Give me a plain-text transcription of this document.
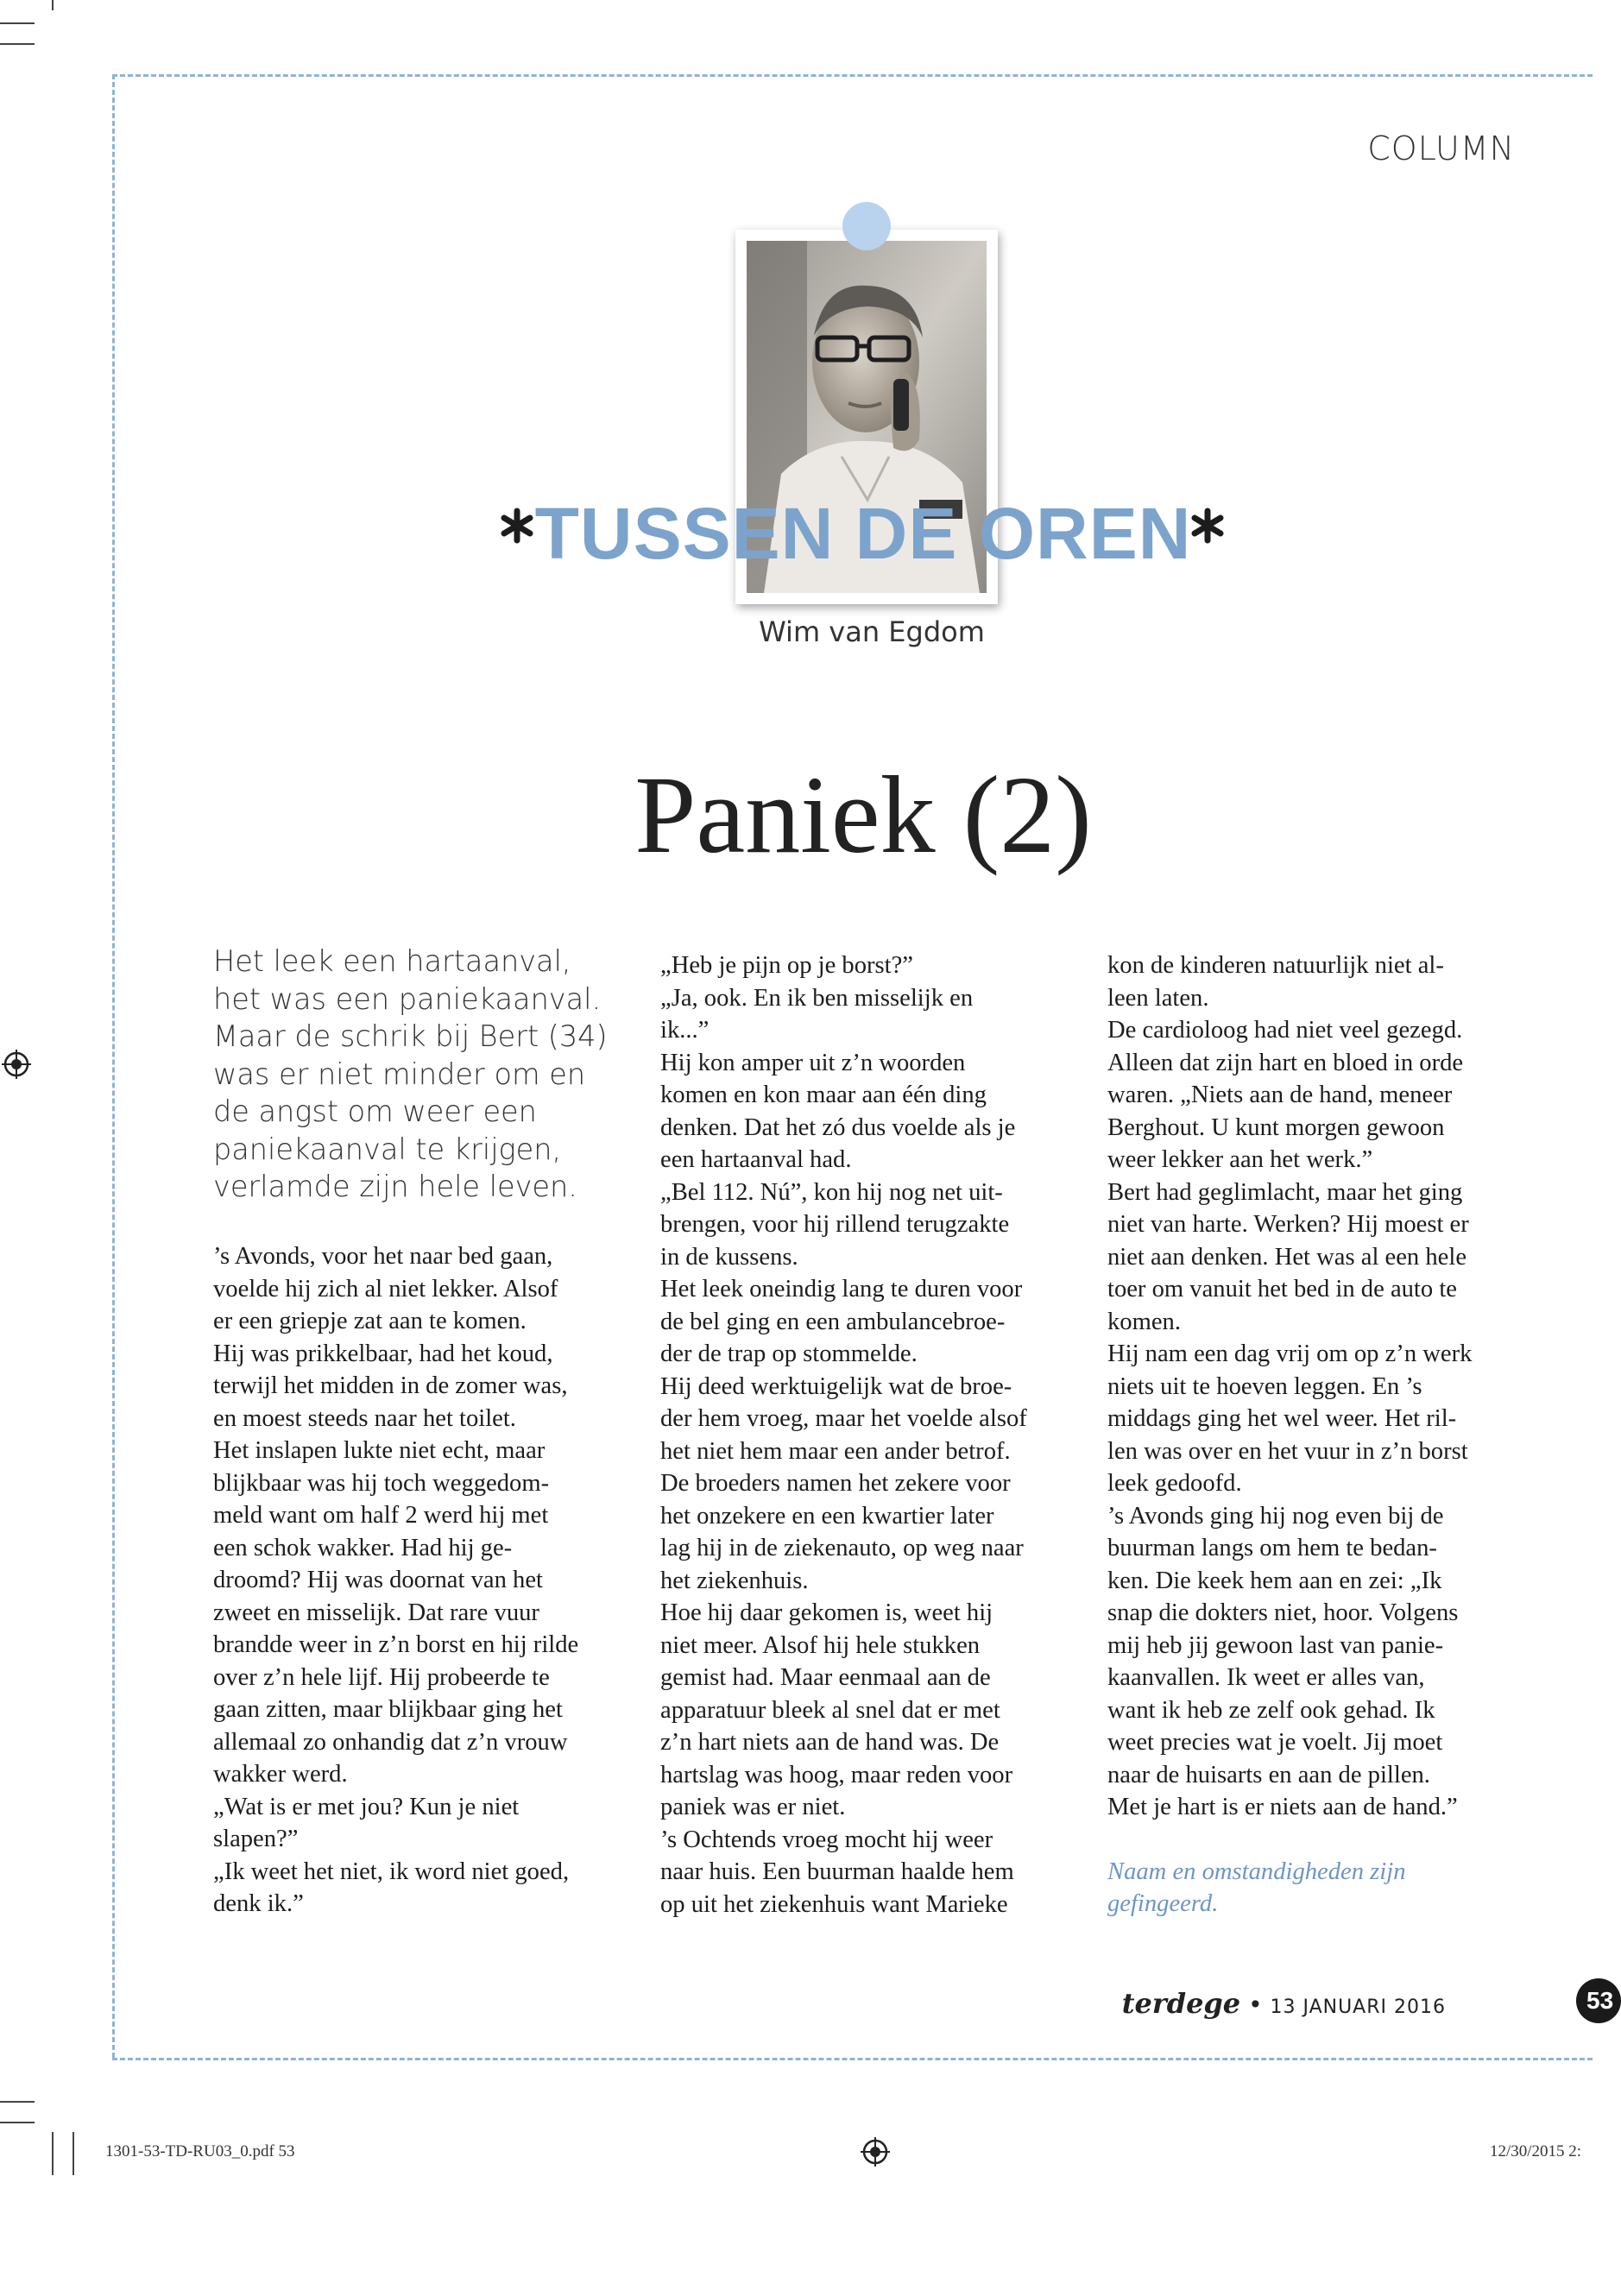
COLUMN
TUSSEN DE OREN
Wim van Egdom
Paniek (2)
Het leek een hartaanval,
het was een paniekaanval.
Maar de schrik bij Bert (34)
was er niet minder om en
de angst om weer een
paniekaanval te krijgen,
verlamde zijn hele leven.
’s Avonds, voor het naar bed gaan,
voelde hij zich al niet lekker. Alsof
er een griepje zat aan te komen.
Hij was prikkelbaar, had het koud,
terwijl het midden in de zomer was,
en moest steeds naar het toilet.
Het inslapen lukte niet echt, maar
blijkbaar was hij toch weggedom-
meld want om half 2 werd hij met
een schok wakker. Had hij ge-
droomd? Hij was doornat van het
zweet en misselijk. Dat rare vuur
brandde weer in z’n borst en hij rilde
over z’n hele lijf. Hij probeerde te
gaan zitten, maar blijkbaar ging het
allemaal zo onhandig dat z’n vrouw
wakker werd.
„Wat is er met jou? Kun je niet
slapen?”
„Ik weet het niet, ik word niet goed,
denk ik.”
„Heb je pijn op je borst?”
„Ja, ook. En ik ben misselijk en
ik...”
Hij kon amper uit z’n woorden
komen en kon maar aan één ding
denken. Dat het zó dus voelde als je
een hartaanval had.
„Bel 112. Nú”, kon hij nog net uit-
brengen, voor hij rillend terugzakte
in de kussens.
Het leek oneindig lang te duren voor
de bel ging en een ambulancebroe-
der de trap op stommelde.
Hij deed werktuigelijk wat de broe-
der hem vroeg, maar het voelde alsof
het niet hem maar een ander betrof.
De broeders namen het zekere voor
het onzekere en een kwartier later
lag hij in de ziekenauto, op weg naar
het ziekenhuis.
Hoe hij daar gekomen is, weet hij
niet meer. Alsof hij hele stukken
gemist had. Maar eenmaal aan de
apparatuur bleek al snel dat er met
z’n hart niets aan de hand was. De
hartslag was hoog, maar reden voor
paniek was er niet.
’s Ochtends vroeg mocht hij weer
naar huis. Een buurman haalde hem
op uit het ziekenhuis want Marieke
kon de kinderen natuurlijk niet al-
leen laten.
De cardioloog had niet veel gezegd.
Alleen dat zijn hart en bloed in orde
waren. „Niets aan de hand, meneer
Berghout. U kunt morgen gewoon
weer lekker aan het werk.”
Bert had geglimlacht, maar het ging
niet van harte. Werken? Hij moest er
niet aan denken. Het was al een hele
toer om vanuit het bed in de auto te
komen.
Hij nam een dag vrij om op z’n werk
niets uit te hoeven leggen. En ’s
middags ging het wel weer. Het ril-
len was over en het vuur in z’n borst
leek gedoofd.
’s Avonds ging hij nog even bij de
buurman langs om hem te bedan-
ken. Die keek hem aan en zei: „Ik
snap die dokters niet, hoor. Volgens
mij heb jij gewoon last van panie-
kaanvallen. Ik weet er alles van,
want ik heb ze zelf ook gehad. Ik
weet precies wat je voelt. Jij moet
naar de huisarts en aan de pillen.
Met je hart is er niets aan de hand.”
Naam en omstandigheden zijn
gefingeerd.
terdege • 13 JANUARI 2016	53
1301-53-TD-RU03_0.pdf 53	12/30/2015 2:
